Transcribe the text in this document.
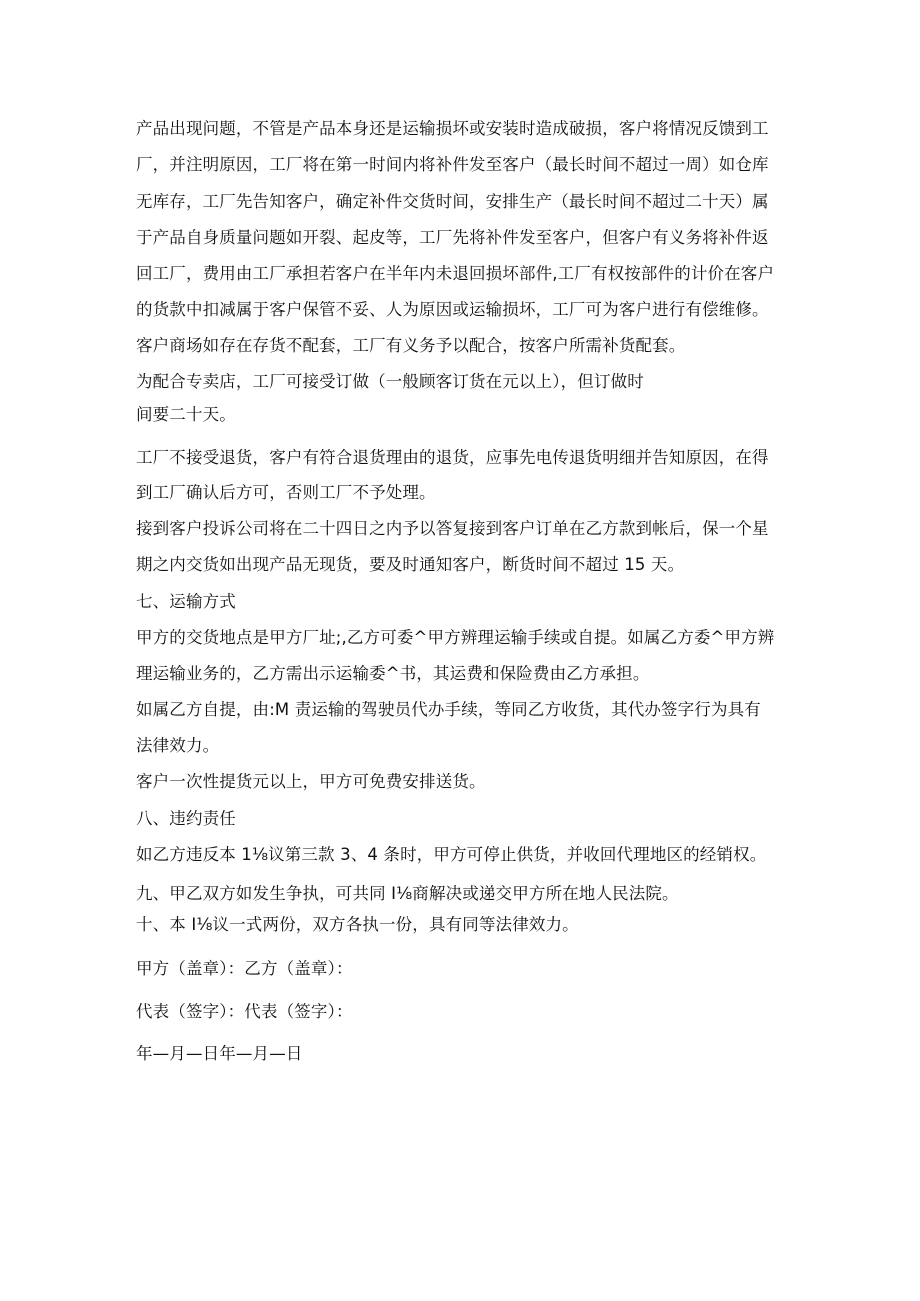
产品出现问题，不管是产品本身还是运输损坏或安装时造成破损，客户将情况反馈到工
厂，并注明原因，工厂将在第一时间内将补件发至客户（最长时间不超过一周）如仓库
无库存，工厂先告知客户，确定补件交货时间，安排生产（最长时间不超过二十天）属
于产品自身质量问题如开裂、起皮等，工厂先将补件发至客户，但客户有义务将补件返
回工厂，费用由工厂承担若客户在半年内未退回损坏部件,工厂有权按部件的计价在客户
的货款中扣减属于客户保管不妥、人为原因或运输损坏，工厂可为客户进行有偿维修。
客户商场如存在存货不配套，工厂有义务予以配合，按客户所需补货配套。
为配合专卖店，工厂可接受订做（一般顾客订货在元以上），但订做时
间要二十天。
工厂不接受退货，客户有符合退货理由的退货，应事先电传退货明细并告知原因，在得
到工厂确认后方可，否则工厂不予处理。
接到客户投诉公司将在二十四日之内予以答复接到客户订单在乙方款到帐后，保一个星
期之内交货如出现产品无现货，要及时通知客户，断货时间不超过 15 天。
七、运输方式
甲方的交货地点是甲方厂址;,乙方可委^甲方辨理运输手续或自提。如属乙方委^甲方辨
理运输业务的，乙方需出示运输委^书，其运费和保险费由乙方承担。
如属乙方自提，由:M 责运输的驾驶员代办手续，等同乙方收货，其代办签字行为具有
法律效力。
客户一次性提货元以上，甲方可免费安排送货。
八、违约责任
如乙方违反本 1⅛议第三款 3、4 条时，甲方可停止供货，并收回代理地区的经销权。
九、甲乙双方如发生争执，可共同 I⅛商解决或递交甲方所在地人民法院。
十、本 I⅛议一式两份，双方各执一份，具有同等法律效力。
甲方（盖章）：乙方（盖章）：
代表（签字）：代表（签字）：
年—月—日年—月—日
